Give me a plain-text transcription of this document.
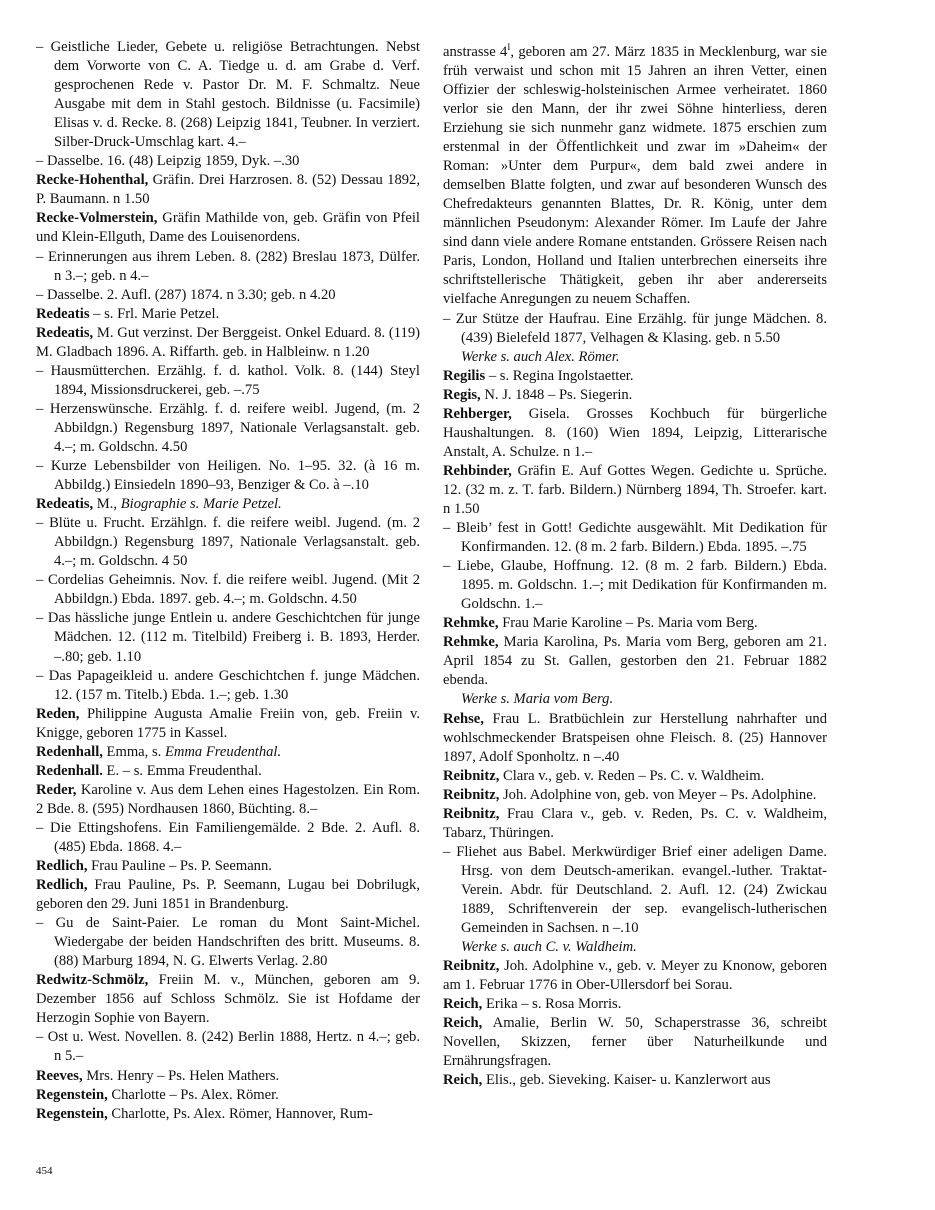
– Geistliche Lieder, Gebete u. religiöse Betrachtungen. Nebst dem Vorworte von C. A. Tiedge u. d. am Grabe d. Verf. gesprochenen Rede v. Pastor Dr. M. F. Schmaltz. Neue Ausgabe mit dem in Stahl gestoch. Bildnisse (u. Facsimile) Elisas v. d. Recke. 8. (268) Leipzig 1841, Teubner. In verziert. Silber-Druck-Umschlag kart. 4.–

– Dasselbe. 16. (48) Leipzig 1859, Dyk. –.30

Recke-Hohenthal, Gräfin. Drei Harzrosen. 8. (52) Dessau 1892, P. Baumann. n 1.50

Recke-Volmerstein, Gräfin Mathilde von, geb. Gräfin von Pfeil und Klein-Ellguth, Dame des Louisenordens.

– Erinnerungen aus ihrem Leben. 8. (282) Breslau 1873, Dülfer. n 3.–; geb. n 4.–

– Dasselbe. 2. Aufl. (287) 1874. n 3.30; geb. n 4.20

Redeatis – s. Frl. Marie Petzel.

Redeatis, M. Gut verzinst. Der Berggeist. Onkel Eduard. 8. (119) M. Gladbach 1896. A. Riffarth. geb. in Halbleinw. n 1.20

– Hausmütterchen. Erzählg. f. d. kathol. Volk. 8. (144) Steyl 1894, Missionsdruckerei, geb. –.75

– Herzenswünsche. Erzählg. f. d. reifere weibl. Jugend, (m. 2 Abbildgn.) Regensburg 1897, Nationale Verlagsanstalt. geb. 4.–; m. Goldschn. 4.50

– Kurze Lebensbilder von Heiligen. No. 1–95. 32. (à 16 m. Abbildg.) Einsiedeln 1890–93, Benziger & Co. à –.10

Redeatis, M., Biographie s. Marie Petzel.

– Blüte u. Frucht. Erzählgn. f. die reifere weibl. Jugend. (m. 2 Abbildgn.) Regensburg 1897, Nationale Verlagsanstalt. geb. 4.–; m. Goldschn. 4 50

– Cordelias Geheimnis. Nov. f. die reifere weibl. Jugend. (Mit 2 Abbildgn.) Ebda. 1897. geb. 4.–; m. Goldschn. 4.50

– Das hässliche junge Entlein u. andere Geschichtchen für junge Mädchen. 12. (112 m. Titelbild) Freiberg i. B. 1893, Herder. –.80; geb. 1.10

– Das Papageikleid u. andere Geschichtchen f. junge Mädchen. 12. (157 m. Titelb.) Ebda. 1.–; geb. 1.30

Reden, Philippine Augusta Amalie Freiin von, geb. Freiin v. Knigge, geboren 1775 in Kassel.

Redenhall, Emma, s. Emma Freudenthal.

Redenhall. E. – s. Emma Freudenthal.

Reder, Karoline v. Aus dem Lehen eines Hagestolzen. Ein Rom. 2 Bde. 8. (595) Nordhausen 1860, Büchting. 8.–

– Die Ettingshofens. Ein Familiengemälde. 2 Bde. 2. Aufl. 8. (485) Ebda. 1868. 4.–

Redlich, Frau Pauline – Ps. P. Seemann.

Redlich, Frau Pauline, Ps. P. Seemann, Lugau bei Dobrilugk, geboren den 29. Juni 1851 in Brandenburg.

– Gu de Saint-Paier. Le roman du Mont Saint-Michel. Wiedergabe der beiden Handschriften des britt. Museums. 8. (88) Marburg 1894, N. G. Elwerts Verlag. 2.80

Redwitz-Schmölz, Freiin M. v., München, geboren am 9. Dezember 1856 auf Schloss Schmölz. Sie ist Hofdame der Herzogin Sophie von Bayern.

– Ost u. West. Novellen. 8. (242) Berlin 1888, Hertz. n 4.–; geb. n 5.–

Reeves, Mrs. Henry – Ps. Helen Mathers.

Regenstein, Charlotte – Ps. Alex. Römer.

Regenstein, Charlotte, Ps. Alex. Römer, Hannover, Rum-

anstrasse $4^I$, geboren am 27. März 1835 in Mecklenburg, war sie früh verwaist und schon mit 15 Jahren an ihren Vetter, einen Offizier der schleswig-holsteinischen Armee verheiratet. 1860 verlor sie den Mann, der ihr zwei Söhne hinterliess, deren Erziehung sie sich nunmehr ganz widmete. 1875 erschien zum erstenmal in der Öffentlichkeit und zwar im »Daheim« der Roman: »Unter dem Purpur«, dem bald zwei andere in demselben Blatte folgten, und zwar auf besonderen Wunsch des Chefredakteurs genannten Blattes, Dr. R. König, unter dem männlichen Pseudonym: Alexander Römer. Im Laufe der Jahre sind dann viele andere Romane entstanden. Grössere Reisen nach Paris, London, Holland und Italien unterbrechen einerseits ihre schriftstellerische Thätigkeit, geben ihr aber andererseits vielfache Anregungen zu neuem Schaffen.

– Zur Stütze der Haufrau. Eine Erzählg. für junge Mädchen. 8. (439) Bielefeld 1877, Velhagen & Klasing. geb. n 5.50

Werke s. auch Alex. Römer.

Regilis – s. Regina Ingolstaetter.

Regis, N. J. 1848 – Ps. Siegerin.

Rehberger, Gisela. Grosses Kochbuch für bürgerliche Haushaltungen. 8. (160) Wien 1894, Leipzig, Litterarische Anstalt, A. Schulze. n 1.–

Rehbinder, Gräfin E. Auf Gottes Wegen. Gedichte u. Sprüche. 12. (32 m. z. T. farb. Bildern.) Nürnberg 1894, Th. Stroefer. kart. n 1.50

– Bleib’ fest in Gott! Gedichte ausgewählt. Mit Dedikation für Konfirmanden. 12. (8 m. 2 farb. Bildern.) Ebda. 1895. –.75

– Liebe, Glaube, Hoffnung. 12. (8 m. 2 farb. Bildern.) Ebda. 1895. m. Goldschn. 1.–; mit Dedikation für Konfirmanden m. Goldschn. 1.–

Rehmke, Frau Marie Karoline – Ps. Maria vom Berg.

Rehmke, Maria Karolina, Ps. Maria vom Berg, geboren am 21. April 1854 zu St. Gallen, gestorben den 21. Februar 1882 ebenda.

Werke s. Maria vom Berg.

Rehse, Frau L. Bratbüchlein zur Herstellung nahrhafter und wohlschmeckender Bratspeisen ohne Fleisch. 8. (25) Hannover 1897, Adolf Sponholtz. n –.40

Reibnitz, Clara v., geb. v. Reden – Ps. C. v. Waldheim.

Reibnitz, Joh. Adolphine von, geb. von Meyer – Ps. Adolphine.

Reibnitz, Frau Clara v., geb. v. Reden, Ps. C. v. Waldheim, Tabarz, Thüringen.

– Fliehet aus Babel. Merkwürdiger Brief einer adeligen Dame. Hrsg. von dem Deutsch-amerikan. evangel.-luther. Traktat-Verein. Abdr. für Deutschland. 2. Aufl. 12. (24) Zwickau 1889, Schriftenverein der sep. evangelisch-lutherischen Gemeinden in Sachsen. n –.10

Werke s. auch C. v. Waldheim.

Reibnitz, Joh. Adolphine v., geb. v. Meyer zu Knonow, geboren am 1. Februar 1776 in Ober-Ullersdorf bei Sorau.

Reich, Erika – s. Rosa Morris.

Reich, Amalie, Berlin W. 50, Schaperstrasse 36, schreibt Novellen, Skizzen, ferner über Naturheilkunde und Ernährungsfragen.

Reich, Elis., geb. Sieveking. Kaiser- u. Kanzlerwort aus

454
